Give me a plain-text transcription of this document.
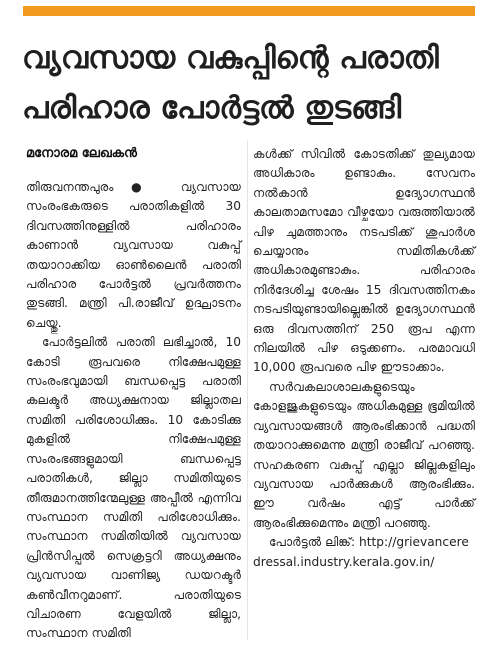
വ്യവസായ വകുപ്പിന്റെ പരാതി
പരിഹാര പോർട്ടൽ തുടങ്ങി
മനോരമ ലേഖകൻ

തിരുവനന്തപുരം● വ്യവസായ സംരംഭകരുടെ പരാതികളിൽ 30 ദിവസത്തിനുള്ളിൽ പരിഹാരം കാണാൻ വ്യവസായ വകുപ്പ് തയാറാക്കിയ ഓൺലൈൻ പരാതി പരിഹാര പോർട്ടൽ പ്രവർത്തനം തുടങ്ങി. മന്ത്രി പി.രാജീവ് ഉദ്ഘാടനം ചെയ്തു.

പോർട്ടലിൽ പരാതി ലഭിച്ചാൽ, 10 കോടി രൂപവരെ നിക്ഷേപമുള്ള സംരംഭവുമായി ബന്ധപ്പെട്ട പരാതി കലക്ടർ അധ്യക്ഷനായ ജില്ലാതല സമിതി പരിശോധിക്കും. 10 കോടിക്കു മുകളിൽ നിക്ഷേപമുള്ള സംരംഭങ്ങളുമായി ബന്ധപ്പെട്ട പരാതികൾ, ജില്ലാ സമിതിയുടെ തീരുമാനത്തിന്മേലുള്ള അപ്പീൽ എന്നിവ സംസ്ഥാന സമിതി പരിശോധിക്കും. സംസ്ഥാന സമിതിയിൽ വ്യവസായ പ്രിൻസിപ്പൽ സെക്രട്ടറി അധ്യക്ഷനും വ്യവസായ വാണിജ്യ ഡയറക്ടർ കൺവീനറുമാണ്. പരാതിയുടെ വിചാരണ വേളയിൽ ജില്ലാ, സംസ്ഥാന സമിതി

കൾക്ക് സിവിൽ കോടതിക്ക് തുല്യമായ അധികാരം ഉണ്ടാകും. സേവനം നൽകാൻ ഉദ്യോഗസ്ഥൻ കാലതാമസമോ വീഴ്ചയോ വരുത്തിയാൽ പിഴ ചുമത്താനും നടപടിക്ക് ശുപാർശ ചെയ്യാനും സമിതികൾക്ക് അധികാരമുണ്ടാകും. പരിഹാരം നിർദേശിച്ച ശേഷം 15 ദിവസത്തിനകം നടപടിയുണ്ടായില്ലെങ്കിൽ ഉദ്യോഗസ്ഥൻ ഒരു ദിവസത്തിന് 250 രൂപ എന്ന നിലയിൽ പിഴ ഒടുക്കണം. പരമാവധി 10,000 രൂപവരെ പിഴ ഈടാക്കാം.

സർവകലാശാലകളുടെയും കോളജുകളുടെയും അധികമുള്ള ഭൂമിയിൽ വ്യവസായങ്ങൾ ആരംഭിക്കാൻ പദ്ധതി തയാറാക്കുമെന്നു മന്ത്രി രാജീവ് പറഞ്ഞു. സഹകരണ വകുപ്പ് എല്ലാ ജില്ലകളിലും വ്യവസായ പാർക്കുകൾ ആരംഭിക്കും. ഈ വർഷം എട്ട് പാർക്ക് ആരംഭിക്കുമെന്നും മന്ത്രി പറഞ്ഞു.

പോർട്ടൽ ലിങ്ക്: http://grievanceredressal.industry.kerala.gov.in/
